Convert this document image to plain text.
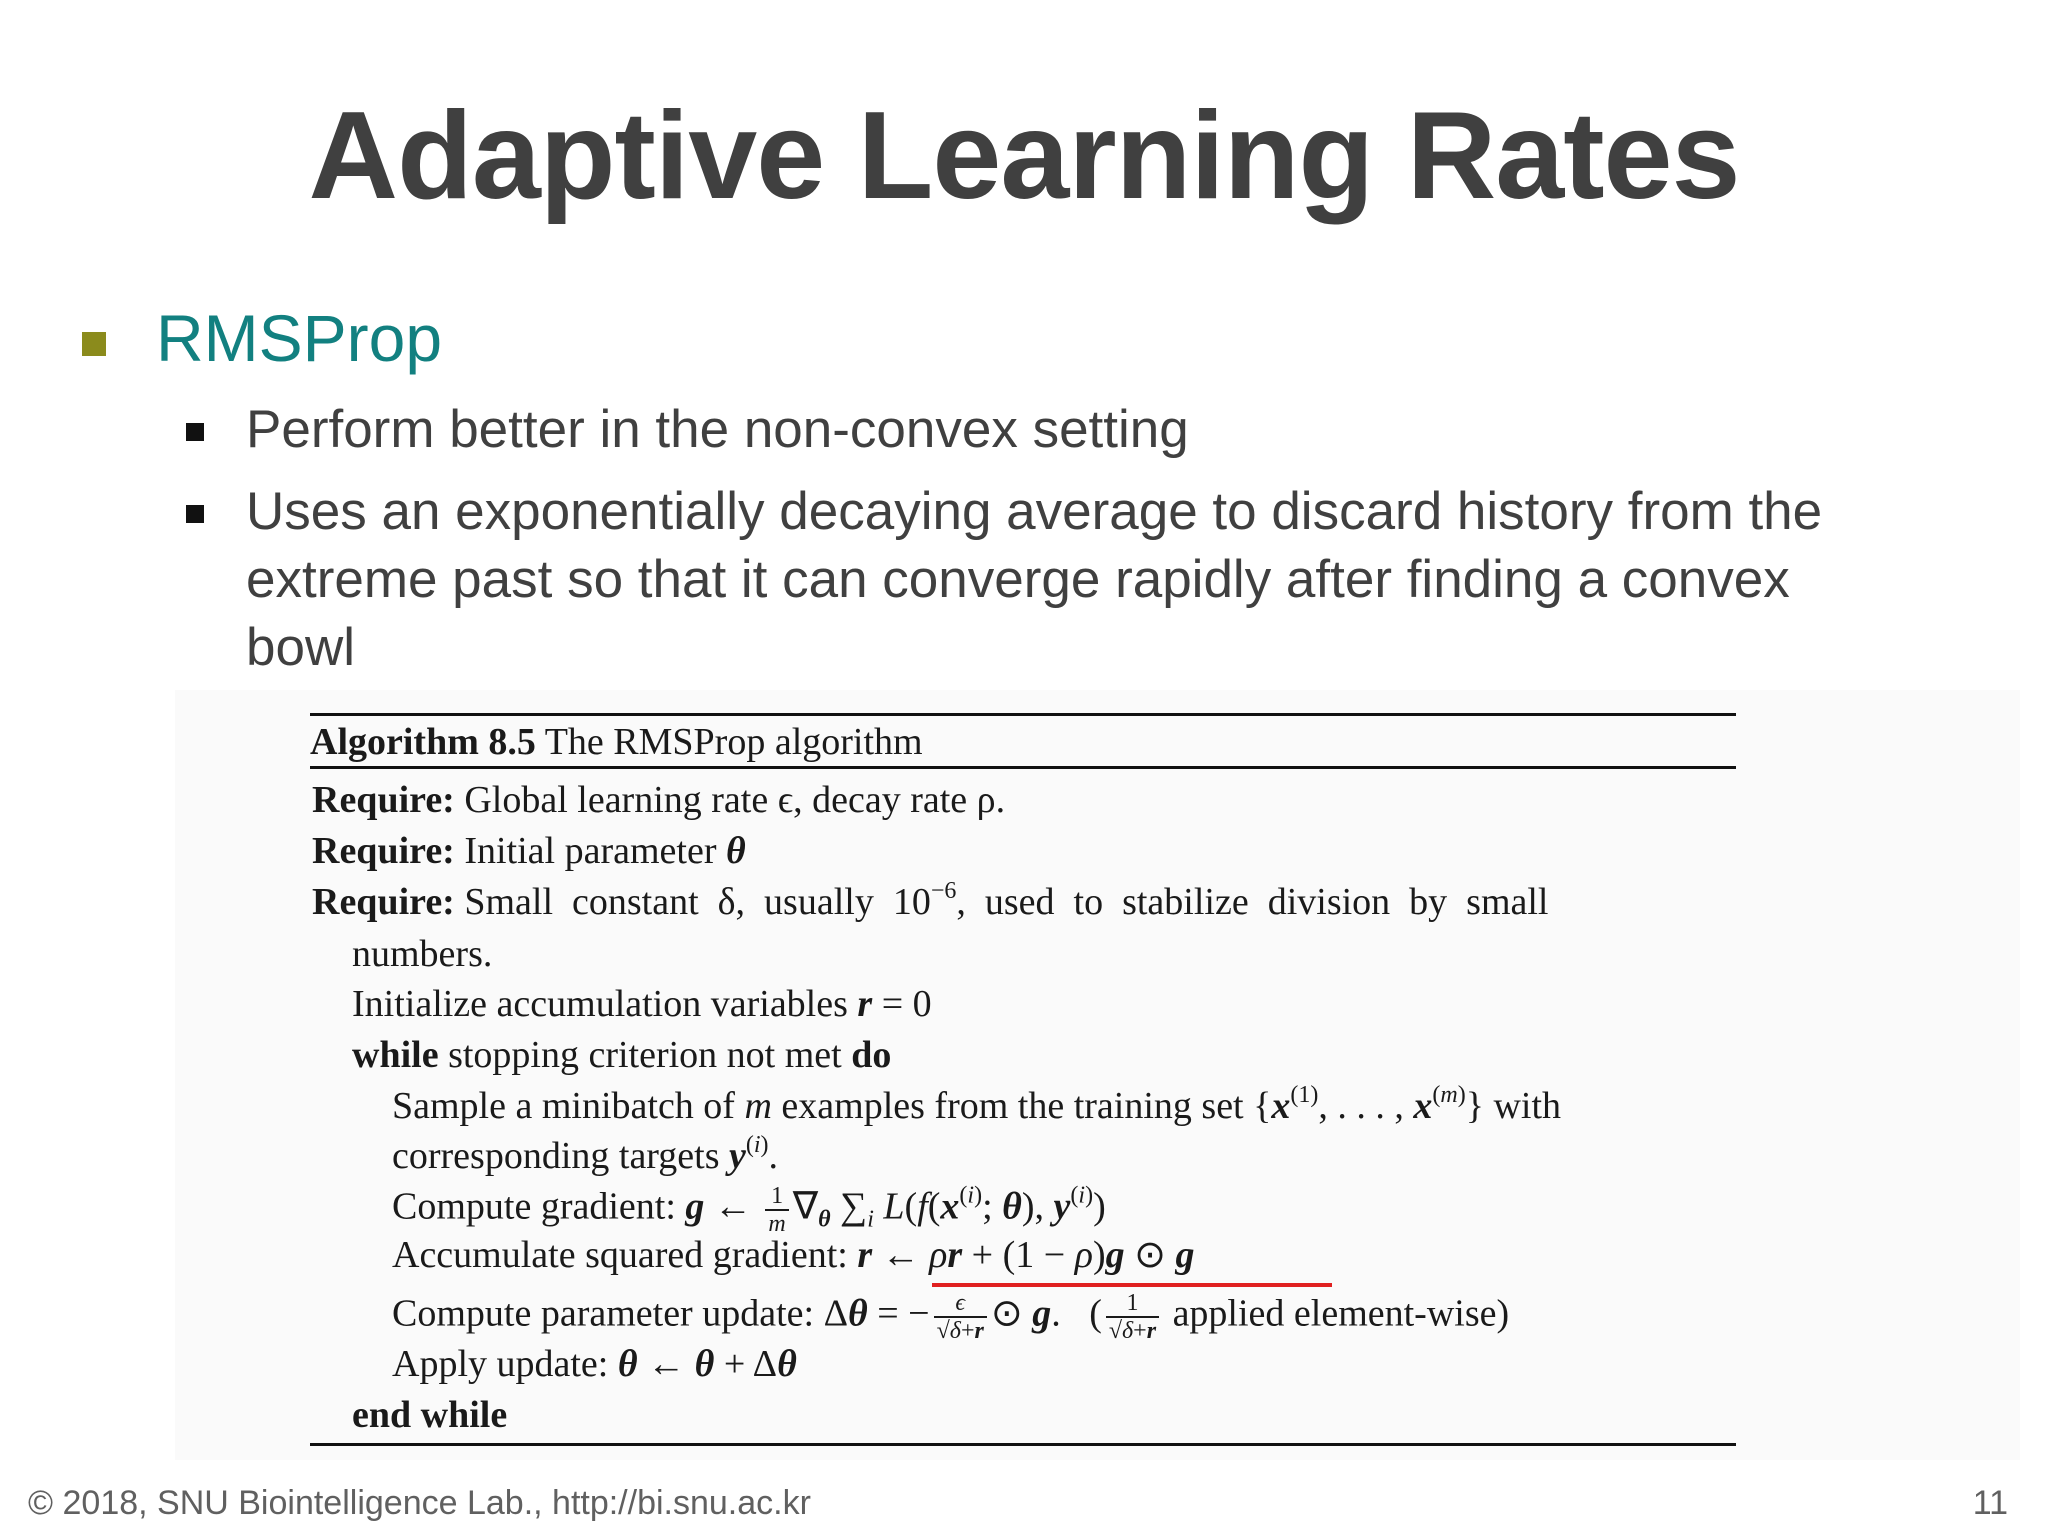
Adaptive Learning Rates
RMSProp
Perform better in the non-convex setting
Uses an exponentially decaying average to discard history from the
extreme past so that it can converge rapidly after finding a convex
bowl
Algorithm 8.5 The RMSProp algorithm
Require: Global learning rate ϵ, decay rate ρ.
Require: Initial parameter θ
Require: Small  constant  δ,  usually  $10^{-6}$,  used  to  stabilize  division  by  small
numbers.
Initialize accumulation variables r = 0
while stopping criterion not met do
Sample a minibatch of m examples from the training set {$x^{(1)}$, . . . , $x^{(m)}$} with
corresponding targets $y^{(i)}$.
Compute gradient: g ← $\frac{1}{m} \nabla_\theta$ $\sum_i$ $L(f(x^{(i)}$; θ), $y^{(i)}$)
Accumulate squared gradient: r ← ρr + (1 − ρ)g ⊙ g
Compute parameter update: Δθ = − $\frac{\epsilon}{√\delta+r}$ ⊙ g.   ( $\frac{1}{√\delta+r}$ applied element-wise)
Apply update: θ ← θ + Δθ
end while
© 2018, SNU Biointelligence Lab., http://bi.snu.ac.kr	11
